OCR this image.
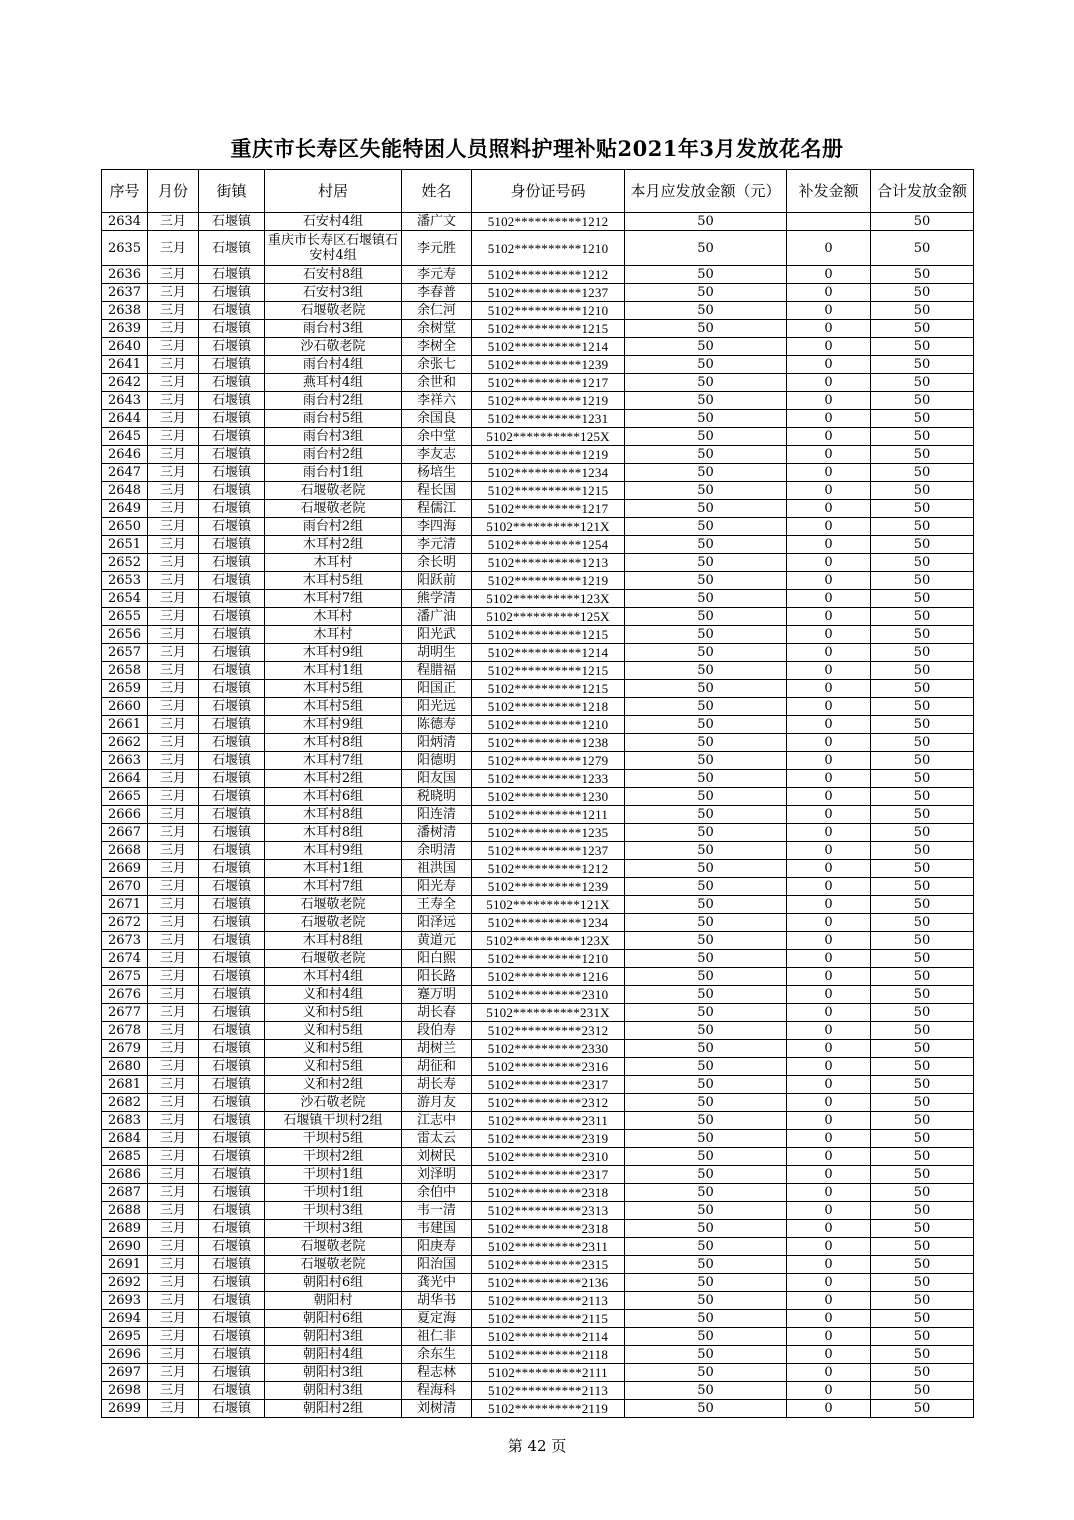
重庆市长寿区失能特困人员照料护理补贴2021年3月发放花名册
序号	月份	街镇	村居	姓名	身份证号码	本月应发放金额（元）	补发金额	合计发放金额
2634	三月	石堰镇	石安村4组	潘广文	5102**********1212	50		50
2635	三月	石堰镇	重庆市长寿区石堰镇石安村4组	李元胜	5102**********1210	50	0	50
2636	三月	石堰镇	石安村8组	李元寿	5102**********1212	50	0	50
2637	三月	石堰镇	石安村3组	李春普	5102**********1237	50	0	50
2638	三月	石堰镇	石堰敬老院	余仁河	5102**********1210	50	0	50
2639	三月	石堰镇	雨台村3组	余树堂	5102**********1215	50	0	50
2640	三月	石堰镇	沙石敬老院	李树全	5102**********1214	50	0	50
2641	三月	石堰镇	雨台村4组	余张七	5102**********1239	50	0	50
2642	三月	石堰镇	燕耳村4组	余世和	5102**********1217	50	0	50
2643	三月	石堰镇	雨台村2组	李祥六	5102**********1219	50	0	50
2644	三月	石堰镇	雨台村5组	余国良	5102**********1231	50	0	50
2645	三月	石堰镇	雨台村3组	余中堂	5102**********125X	50	0	50
2646	三月	石堰镇	雨台村2组	李友志	5102**********1219	50	0	50
2647	三月	石堰镇	雨台村1组	杨培生	5102**********1234	50	0	50
2648	三月	石堰镇	石堰敬老院	程长国	5102**********1215	50	0	50
2649	三月	石堰镇	石堰敬老院	程儒江	5102**********1217	50	0	50
2650	三月	石堰镇	雨台村2组	李四海	5102**********121X	50	0	50
2651	三月	石堰镇	木耳村2组	李元清	5102**********1254	50	0	50
2652	三月	石堰镇	木耳村	余长明	5102**********1213	50	0	50
2653	三月	石堰镇	木耳村5组	阳跃前	5102**********1219	50	0	50
2654	三月	石堰镇	木耳村7组	熊学清	5102**********123X	50	0	50
2655	三月	石堰镇	木耳村	潘广油	5102**********125X	50	0	50
2656	三月	石堰镇	木耳村	阳光武	5102**********1215	50	0	50
2657	三月	石堰镇	木耳村9组	胡明生	5102**********1214	50	0	50
2658	三月	石堰镇	木耳村1组	程腊福	5102**********1215	50	0	50
2659	三月	石堰镇	木耳村5组	阳国正	5102**********1215	50	0	50
2660	三月	石堰镇	木耳村5组	阳光远	5102**********1218	50	0	50
2661	三月	石堰镇	木耳村9组	陈德寿	5102**********1210	50	0	50
2662	三月	石堰镇	木耳村8组	阳炳清	5102**********1238	50	0	50
2663	三月	石堰镇	木耳村7组	阳德明	5102**********1279	50	0	50
2664	三月	石堰镇	木耳村2组	阳友国	5102**********1233	50	0	50
2665	三月	石堰镇	木耳村6组	税晓明	5102**********1230	50	0	50
2666	三月	石堰镇	木耳村8组	阳连清	5102**********1211	50	0	50
2667	三月	石堰镇	木耳村8组	潘树清	5102**********1235	50	0	50
2668	三月	石堰镇	木耳村9组	余明清	5102**********1237	50	0	50
2669	三月	石堰镇	木耳村1组	祖洪国	5102**********1212	50	0	50
2670	三月	石堰镇	木耳村7组	阳光寿	5102**********1239	50	0	50
2671	三月	石堰镇	石堰敬老院	王寿全	5102**********121X	50	0	50
2672	三月	石堰镇	石堰敬老院	阳泽远	5102**********1234	50	0	50
2673	三月	石堰镇	木耳村8组	黄道元	5102**********123X	50	0	50
2674	三月	石堰镇	石堰敬老院	阳白熙	5102**********1210	50	0	50
2675	三月	石堰镇	木耳村4组	阳长路	5102**********1216	50	0	50
2676	三月	石堰镇	义和村4组	蹇万明	5102**********2310	50	0	50
2677	三月	石堰镇	义和村5组	胡长春	5102**********231X	50	0	50
2678	三月	石堰镇	义和村5组	段伯寿	5102**********2312	50	0	50
2679	三月	石堰镇	义和村5组	胡树兰	5102**********2330	50	0	50
2680	三月	石堰镇	义和村5组	胡征和	5102**********2316	50	0	50
2681	三月	石堰镇	义和村2组	胡长寿	5102**********2317	50	0	50
2682	三月	石堰镇	沙石敬老院	游月友	5102**********2312	50	0	50
2683	三月	石堰镇	石堰镇干坝村2组	江志中	5102**********2311	50	0	50
2684	三月	石堰镇	干坝村5组	雷太云	5102**********2319	50	0	50
2685	三月	石堰镇	干坝村2组	刘树民	5102**********2310	50	0	50
2686	三月	石堰镇	干坝村1组	刘泽明	5102**********2317	50	0	50
2687	三月	石堰镇	干坝村1组	余伯中	5102**********2318	50	0	50
2688	三月	石堰镇	干坝村3组	韦一清	5102**********2313	50	0	50
2689	三月	石堰镇	干坝村3组	韦建国	5102**********2318	50	0	50
2690	三月	石堰镇	石堰敬老院	阳庚寿	5102**********2311	50	0	50
2691	三月	石堰镇	石堰敬老院	阳治国	5102**********2315	50	0	50
2692	三月	石堰镇	朝阳村6组	龚光中	5102**********2136	50	0	50
2693	三月	石堰镇	朝阳村	胡华书	5102**********2113	50	0	50
2694	三月	石堰镇	朝阳村6组	夏定海	5102**********2115	50	0	50
2695	三月	石堰镇	朝阳村3组	祖仁非	5102**********2114	50	0	50
2696	三月	石堰镇	朝阳村4组	余东生	5102**********2118	50	0	50
2697	三月	石堰镇	朝阳村3组	程志林	5102**********2111	50	0	50
2698	三月	石堰镇	朝阳村3组	程海科	5102**********2113	50	0	50
2699	三月	石堰镇	朝阳村2组	刘树清	5102**********2119	50	0	50
第 42 页
